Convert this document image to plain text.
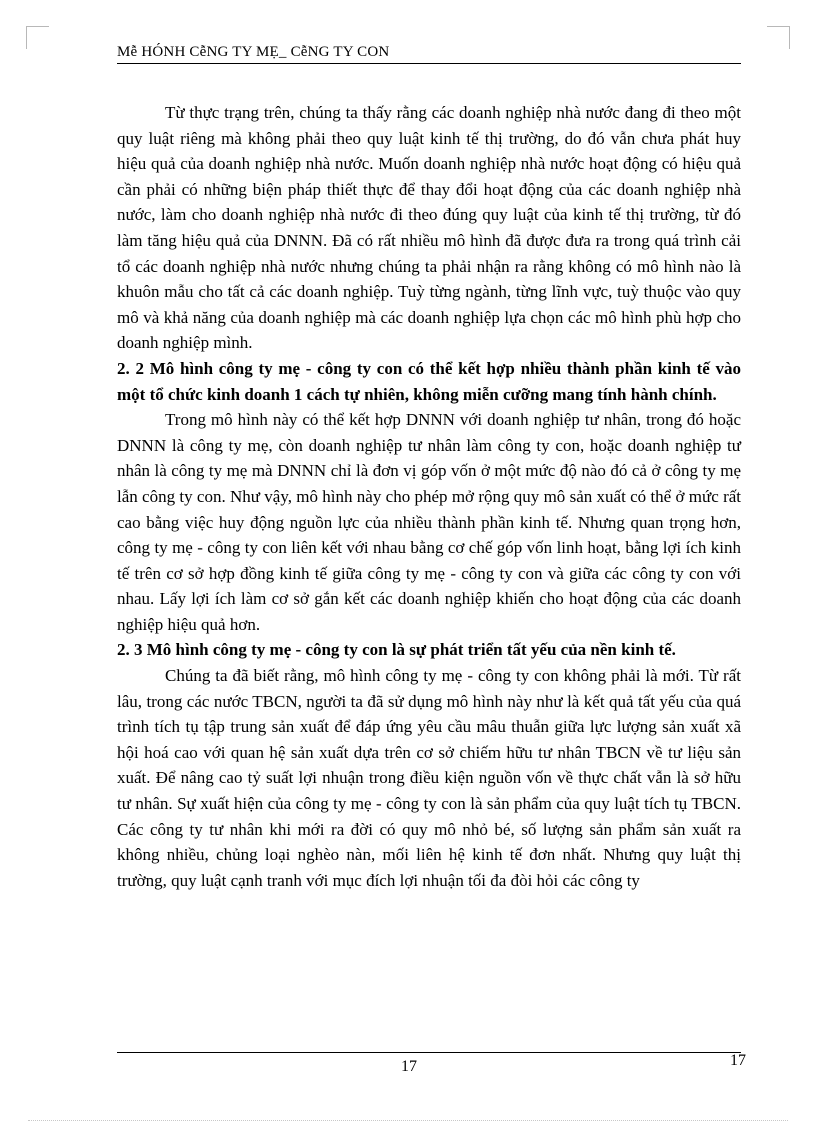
Mễ HÓNH CễNG TY MẸ_ CễNG TY CON

Từ thực trạng trên, chúng ta thấy rằng các doanh nghiệp nhà nước đang đi theo một quy luật riêng mà không phải theo quy luật kinh tế thị trường, do đó vẫn chưa phát huy hiệu quả của doanh nghiệp nhà nước. Muốn doanh nghiệp nhà nước hoạt động có hiệu quả cần phải có những biện pháp thiết thực để thay đổi hoạt động của các doanh nghiệp nhà nước, làm cho doanh nghiệp nhà nước đi theo đúng quy luật của kinh tế thị trường, từ đó làm tăng hiệu quả của DNNN. Đã có rất nhiều mô hình đã được đưa ra trong quá trình cải tổ các doanh nghiệp nhà nước nhưng chúng ta phải nhận ra rằng không có mô hình nào là khuôn mẫu cho tất cả các doanh nghiệp. Tuỳ từng ngành, từng lĩnh vực, tuỳ thuộc vào quy mô và khả năng của doanh nghiệp mà các doanh nghiệp lựa chọn các mô hình phù hợp cho doanh nghiệp mình.

2. 2 Mô hình công ty mẹ - công ty con có thể kết hợp nhiều thành phần kinh tế vào một tổ chức kinh doanh 1 cách tự nhiên, không miễn cưỡng mang tính hành chính.

Trong mô hình này có thể kết hợp DNNN với doanh nghiệp tư nhân, trong đó hoặc DNNN là công ty mẹ, còn doanh nghiệp tư nhân làm công ty con, hoặc doanh nghiệp tư nhân là công ty mẹ mà DNNN chỉ là đơn vị góp vốn ở một mức độ nào đó cả ở công ty mẹ lẫn công ty con. Như vậy, mô hình này cho phép mở rộng quy mô sản xuất có thể ở mức rất cao bằng việc huy động nguồn lực của nhiều thành phần kinh tế. Nhưng quan trọng hơn, công ty mẹ - công ty con liên kết với nhau bằng cơ chế góp vốn linh hoạt, bằng lợi ích kinh tế trên cơ sở hợp đồng kinh tế giữa công ty mẹ - công ty con và giữa các công ty con với nhau. Lấy lợi ích làm cơ sở gắn kết các doanh nghiệp khiến cho hoạt động của các doanh nghiệp hiệu quả hơn.

2. 3 Mô hình công ty mẹ - công ty con là sự phát triển tất yếu của nền kinh tế.

Chúng ta đã biết rằng, mô hình công ty mẹ - công ty con không phải là mới. Từ rất lâu, trong các nước TBCN, người ta đã sử dụng mô hình này như là kết quả tất yếu của quá trình tích tụ tập trung sản xuất để đáp ứng yêu cầu mâu thuẫn giữa lực lượng sản xuất xã hội hoá cao với quan hệ sản xuất dựa trên cơ sở chiếm hữu tư nhân TBCN về tư liệu sản xuất. Để nâng cao tỷ suất lợi nhuận trong điều kiện nguồn vốn về thực chất vẫn là sở hữu tư nhân. Sự xuất hiện của công ty mẹ - công ty con là sản phẩm của quy luật tích tụ TBCN. Các công ty tư nhân khi mới ra đời có quy mô nhỏ bé, số lượng sản phẩm sản xuất ra không nhiều, chủng loại nghèo nàn, mối liên hệ kinh tế đơn nhất. Nhưng quy luật thị trường, quy luật cạnh tranh với mục đích lợi nhuận tối đa đòi hỏi các công ty

17	17
